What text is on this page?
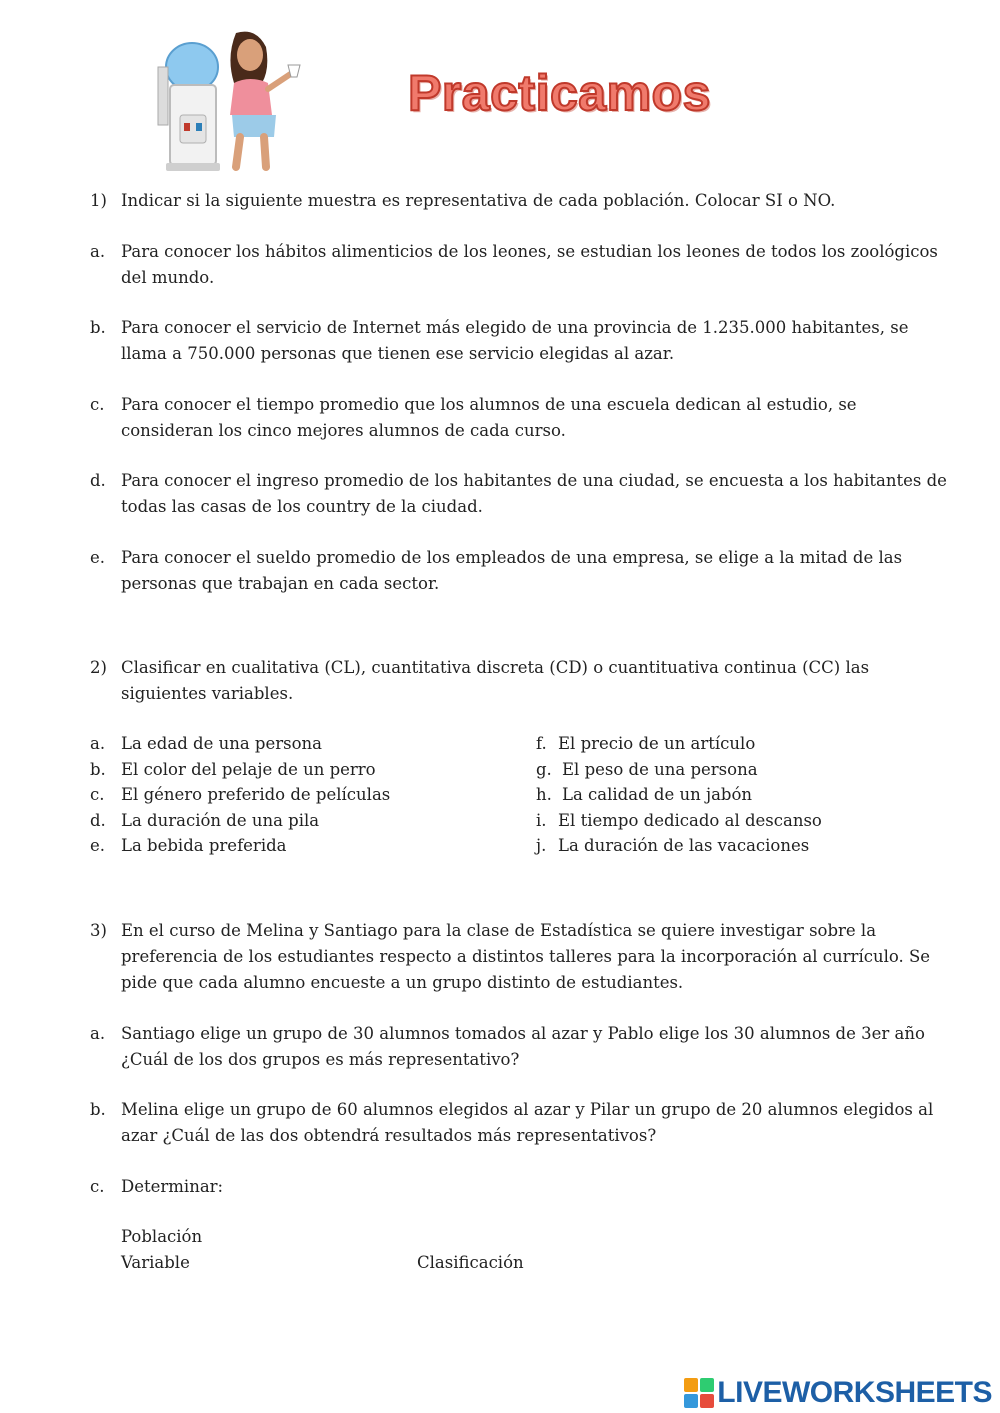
Practicamos
1) Indicar si la siguiente muestra es representativa de cada población. Colocar SI o NO.
a. Para conocer los hábitos alimenticios de los leones, se estudian los leones de todos los zoológicos del mundo.
b. Para conocer el servicio de Internet más elegido de una provincia de 1.235.000 habitantes, se llama a 750.000 personas que tienen ese servicio elegidas al azar.
c. Para conocer el tiempo promedio que los alumnos de una escuela dedican al estudio, se consideran los cinco mejores alumnos de cada curso.
d. Para conocer el ingreso promedio de los habitantes de una ciudad, se encuesta a los habitantes de todas las casas de los country de la ciudad.
e. Para conocer el sueldo promedio de los empleados de una empresa, se elige a la mitad de las personas que trabajan en cada sector.
2) Clasificar en cualitativa (CL), cuantitativa discreta (CD) o cuantituativa continua (CC) las siguientes variables.
a. La edad de una persona
b. El color del pelaje de un perro
c. El género preferido de películas
d. La duración de una pila
e. La bebida preferida
f. El precio de un artículo
g. El peso de una persona
h. La calidad de un jabón
i. El tiempo dedicado al descanso
j. La duración de las vacaciones
3) En el curso de Melina y Santiago para la clase de Estadística se quiere investigar sobre la preferencia de los estudiantes respecto a distintos talleres para la incorporación al currículo. Se pide que cada alumno encueste a un grupo distinto de estudiantes.
a. Santiago elige un grupo de 30 alumnos tomados al azar y Pablo elige los 30 alumnos de 3er año ¿Cuál de los dos grupos es más representativo?
b. Melina elige un grupo de 60 alumnos elegidos al azar y Pilar un grupo de 20 alumnos elegidos al azar ¿Cuál de las dos obtendrá resultados más representativos?
c. Determinar:
Población
Variable	Clasificación
LIVEWORKSHEETS
